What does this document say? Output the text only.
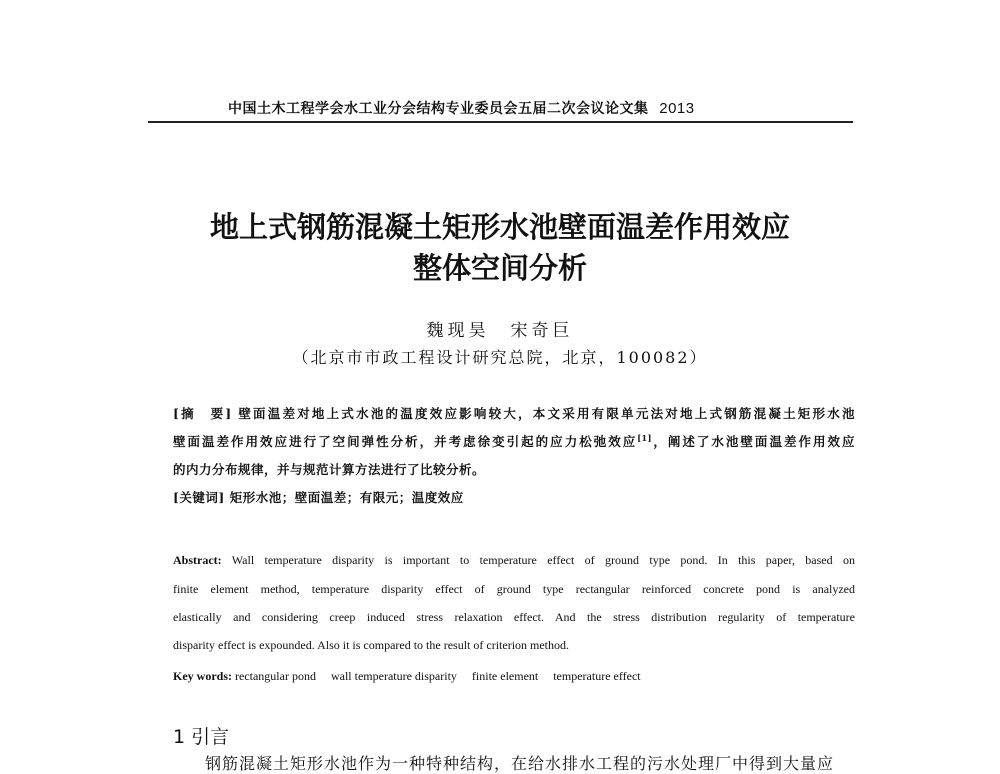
中国土木工程学会水工业分会结构专业委员会五届二次会议论文集 2013
地上式钢筋混凝土矩形水池壁面温差作用效应
整体空间分析
魏现昊　宋奇巨
（北京市市政工程设计研究总院，北京，100082）
[摘　要] 壁面温差对地上式水池的温度效应影响较大，本文采用有限单元法对地上式钢筋混凝土矩形水池
壁面温差作用效应进行了空间弹性分析，并考虑徐变引起的应力松弛效应[1]，阐述了水池壁面温差作用效应
的内力分布规律，并与规范计算方法进行了比较分析。
[关键词] 矩形水池；壁面温差；有限元；温度效应
Abstract: Wall temperature disparity is important to temperature effect of ground type pond. In this paper, based on
finite element method, temperature disparity effect of ground type rectangular reinforced concrete pond is analyzed
elastically and considering creep induced stress relaxation effect. And the stress distribution regularity of temperature
disparity effect is expounded. Also it is compared to the result of criterion method.
Key words: rectangular pond　 wall temperature disparity　 finite element　 temperature effect
1 引言
钢筋混凝土矩形水池作为一种特种结构，在给水排水工程的污水处理厂中得到大量应
